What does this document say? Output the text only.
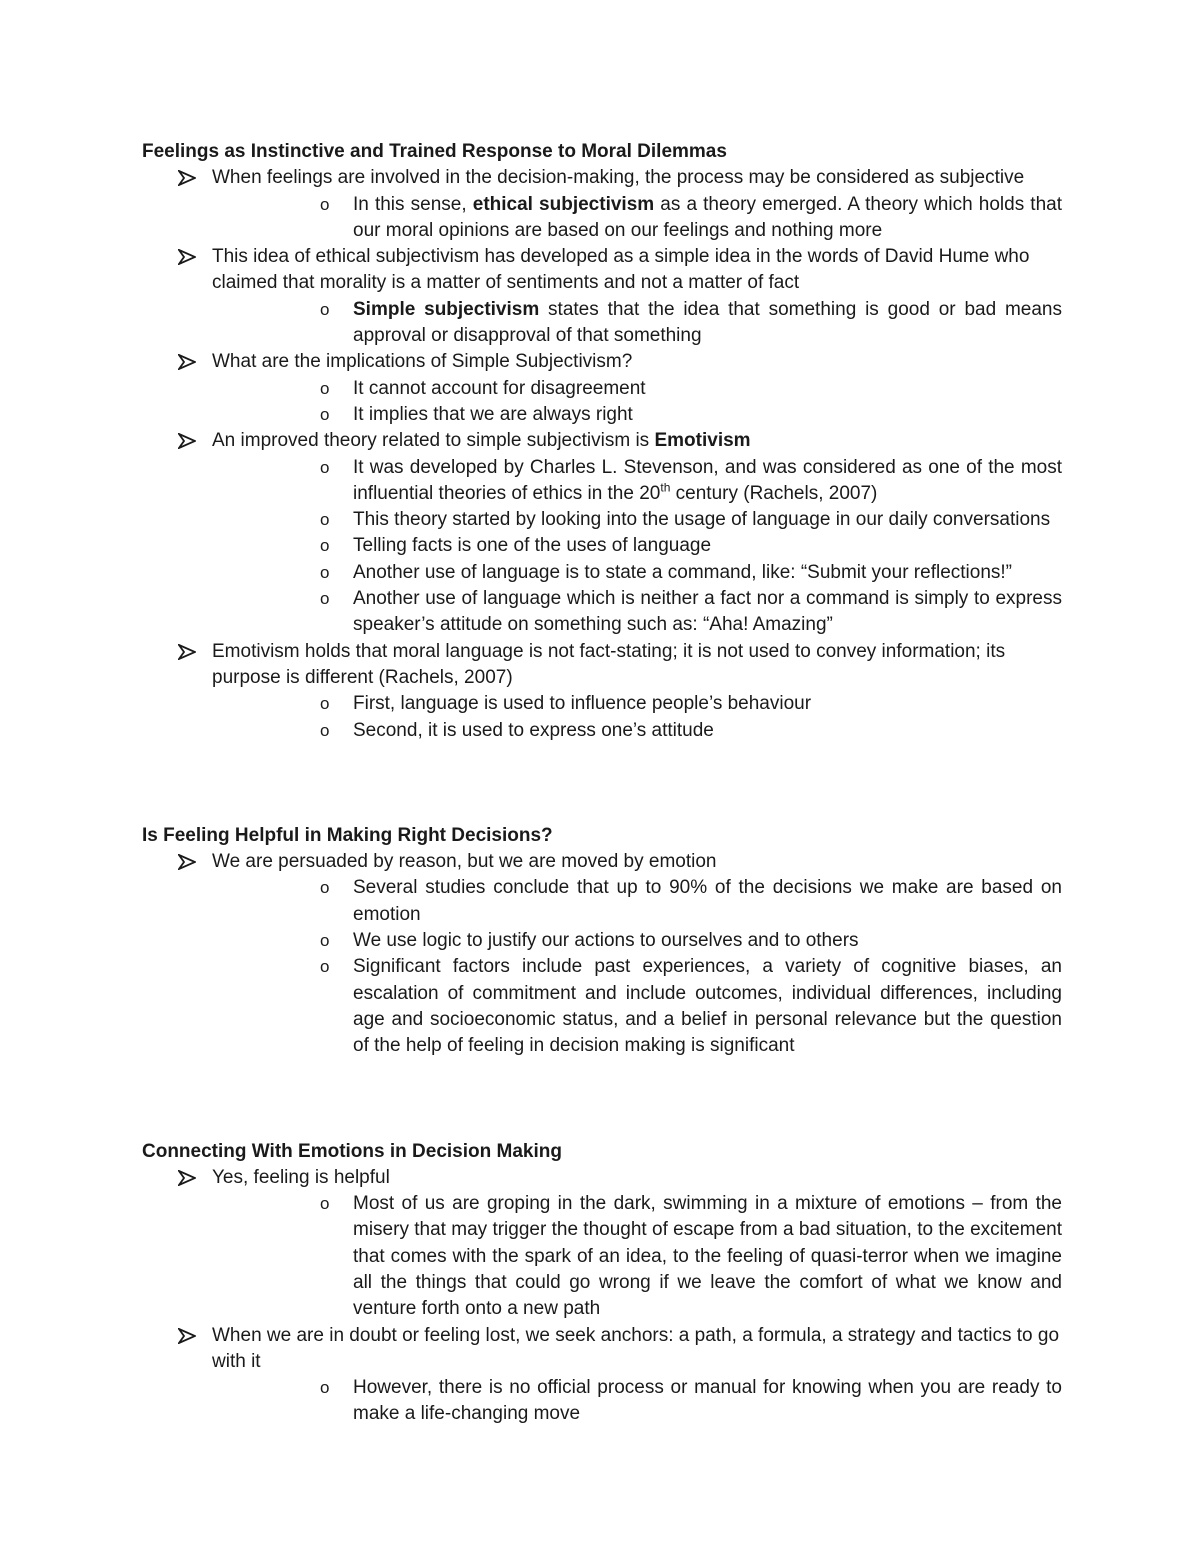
Feelings as Instinctive and Trained Response to Moral Dilemmas
When feelings are involved in the decision-making, the process may be considered as subjective
o In this sense, ethical subjectivism as a theory emerged. A theory which holds that our moral opinions are based on our feelings and nothing more
This idea of ethical subjectivism has developed as a simple idea in the words of David Hume who claimed that morality is a matter of sentiments and not a matter of fact
o Simple subjectivism states that the idea that something is good or bad means approval or disapproval of that something
What are the implications of Simple Subjectivism?
o It cannot account for disagreement
o It implies that we are always right
An improved theory related to simple subjectivism is Emotivism
o It was developed by Charles L. Stevenson, and was considered as one of the most influential theories of ethics in the 20th century (Rachels, 2007)
o This theory started by looking into the usage of language in our daily conversations
o Telling facts is one of the uses of language
o Another use of language is to state a command, like: “Submit your reflections!”
o Another use of language which is neither a fact nor a command is simply to express speaker’s attitude on something such as: “Aha! Amazing”
Emotivism holds that moral language is not fact-stating; it is not used to convey information; its purpose is different (Rachels, 2007)
o First, language is used to influence people’s behaviour
o Second, it is used to express one’s attitude
Is Feeling Helpful in Making Right Decisions?
We are persuaded by reason, but we are moved by emotion
o Several studies conclude that up to 90% of the decisions we make are based on emotion
o We use logic to justify our actions to ourselves and to others
o Significant factors include past experiences, a variety of cognitive biases, an escalation of commitment and include outcomes, individual differences, including age and socioeconomic status, and a belief in personal relevance but the question of the help of feeling in decision making is significant
Connecting With Emotions in Decision Making
Yes, feeling is helpful
o Most of us are groping in the dark, swimming in a mixture of emotions – from the misery that may trigger the thought of escape from a bad situation, to the excitement that comes with the spark of an idea, to the feeling of quasi-terror when we imagine all the things that could go wrong if we leave the comfort of what we know and venture forth onto a new path
When we are in doubt or feeling lost, we seek anchors: a path, a formula, a strategy and tactics to go with it
o However, there is no official process or manual for knowing when you are ready to make a life-changing move
